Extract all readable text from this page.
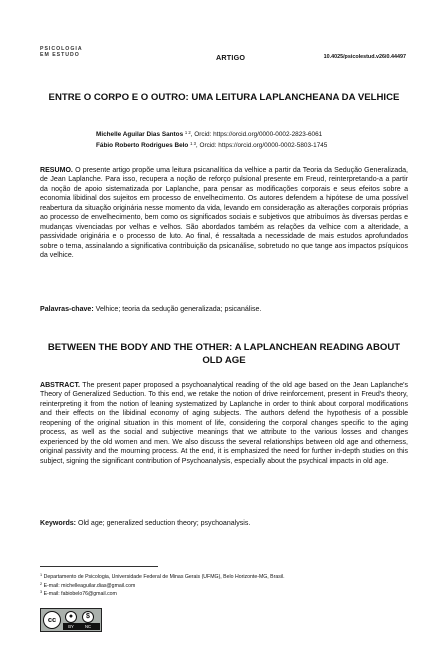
PSICOLOGIA
EM ESTUDO	ARTIGO	10.4025/psicolestud.v26i0.44497
ENTRE O CORPO E O OUTRO: UMA LEITURA LAPLANCHEANA DA VELHICE
Michelle Aguilar Dias Santos $^{1 2}$, Orcid: https://orcid.org/0000-0002-2823-6061
Fábio Roberto Rodrigues Belo $^{1 3}$, Orcid: https://orcid.org/0000-0002-5803-1745

RESUMO. O presente artigo propõe uma leitura psicanalítica da velhice a partir da Teoria da Sedução Generalizada, de Jean Laplanche. Para isso, recupera a noção de reforço pulsional presente em Freud, reinterpretando-a a partir da noção de apoio sistematizada por Laplanche, para pensar as modificações corporais e seus efeitos sobre a economia libidinal dos sujeitos em processo de envelhecimento. Os autores defendem a hipótese de uma possível reabertura da situação originária nesse momento da vida, levando em consideração as alterações corporais próprias ao processo de envelhecimento, bem como os significados sociais e subjetivos que atribuímos às diversas perdas e mudanças vivenciadas por velhas e velhos. São abordados também as relações da velhice com a alteridade, a passividade originária e o processo de luto. Ao final, é ressaltada a necessidade de mais estudos aprofundados sobre o tema, assinalando a significativa contribuição da psicanálise, sobretudo no que tange aos impactos psíquicos da velhice.

Palavras-chave: Velhice; teoria da sedução generalizada; psicanálise.

BETWEEN THE BODY AND THE OTHER: A LAPLANCHEAN READING ABOUT OLD AGE

ABSTRACT. The present paper proposed a psychoanalytical reading of the old age based on the Jean Laplanche's Theory of Generalized Seduction. To this end, we retake the notion of drive reinforcement, present in Freud's theory, reinterpreting it from the notion of leaning systematized by Laplanche in order to think about corporal modifications and their effects on the libidinal economy of aging subjects. The authors defend the hypothesis of a possible reopening of the original situation in this moment of life, considering the corporal changes specific to the aging process, as well as the social and subjective meanings that we attribute to the various losses and changes experienced by the old women and men. We also discuss the several relationships between old age and otherness, original passivity and the mourning process. At the end, it is emphasized the need for further in-depth studies on this subject, signing the significant contribution of Psychoanalysis, especially about the psychical impacts in old age.

Keywords: Old age; generalized seduction theory; psychoanalysis.

$^1$ Departamento de Psicologia, Universidade Federal de Minas Gerais (UFMG), Belo Horizonte-MG, Brasil.
$^2$ E-mail: michelleaguilar.dias@gmail.com
$^3$ E-mail: fabiobelo76@gmail.com
cc	●	$
BY	NC
